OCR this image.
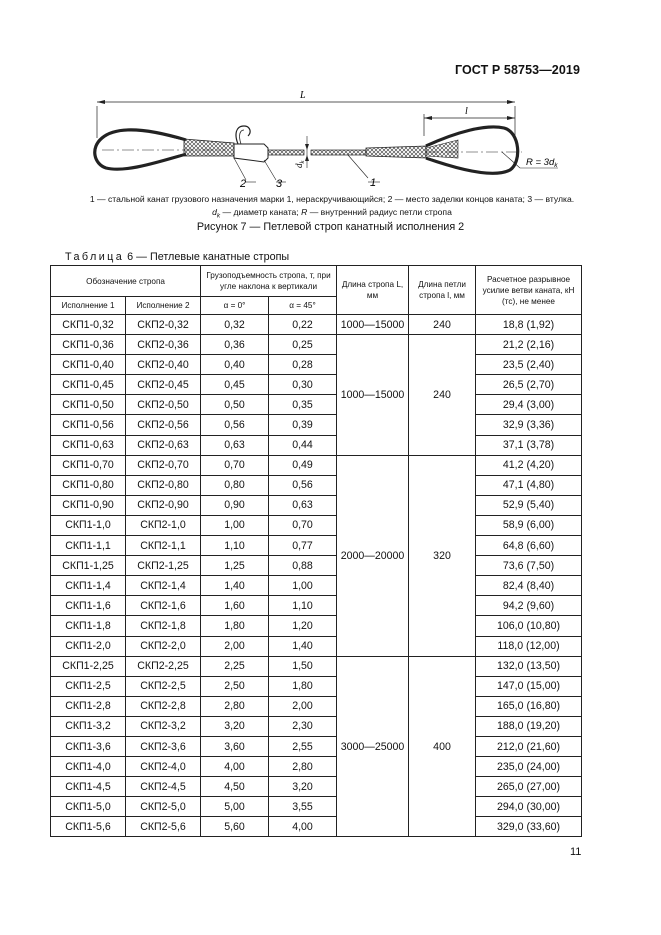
ГОСТ Р 58753—2019
L
l
$d_k$	$R = 3d_k$
2	3	1
1 — стальной канат грузового назначения марки 1, нераскручивающийся; 2 — место заделки концов каната; 3 — втулка.
$d_k$ — диаметр каната; R — внутренний радиус петли стропа
Рисунок 7 — Петлевой строп канатный исполнения 2
Таблица 6 — Петлевые канатные стропы
Обозначение стропа		Грузоподъемность стропа, т, при угле наклона к вертикали		Длина стропа L, мм	Длина петли стропа l, мм	Расчетное разрывное усилие ветви каната, кН (тс), не менее
Исполнение 1	Исполнение 2	α = 0°	α = 45°			
СКП1-0,32	СКП2-0,32	0,32	0,22	1000—15000	240	18,8 (1,92)
СКП1-0,36	СКП2-0,36	0,36	0,25	1000—15000	240	21,2 (2,16)
СКП1-0,40	СКП2-0,40	0,40	0,28			23,5 (2,40)
СКП1-0,45	СКП2-0,45	0,45	0,30			26,5 (2,70)
СКП1-0,50	СКП2-0,50	0,50	0,35			29,4 (3,00)
СКП1-0,56	СКП2-0,56	0,56	0,39			32,9 (3,36)
СКП1-0,63	СКП2-0,63	0,63	0,44			37,1 (3,78)
СКП1-0,70	СКП2-0,70	0,70	0,49	2000—20000	320	41,2 (4,20)
СКП1-0,80	СКП2-0,80	0,80	0,56			47,1 (4,80)
СКП1-0,90	СКП2-0,90	0,90	0,63			52,9 (5,40)
СКП1-1,0	СКП2-1,0	1,00	0,70			58,9 (6,00)
СКП1-1,1	СКП2-1,1	1,10	0,77			64,8 (6,60)
СКП1-1,25	СКП2-1,25	1,25	0,88			73,6 (7,50)
СКП1-1,4	СКП2-1,4	1,40	1,00			82,4 (8,40)
СКП1-1,6	СКП2-1,6	1,60	1,10			94,2 (9,60)
СКП1-1,8	СКП2-1,8	1,80	1,20			106,0 (10,80)
СКП1-2,0	СКП2-2,0	2,00	1,40			118,0 (12,00)
СКП1-2,25	СКП2-2,25	2,25	1,50	3000—25000	400	132,0 (13,50)
СКП1-2,5	СКП2-2,5	2,50	1,80			147,0 (15,00)
СКП1-2,8	СКП2-2,8	2,80	2,00			165,0 (16,80)
СКП1-3,2	СКП2-3,2	3,20	2,30			188,0 (19,20)
СКП1-3,6	СКП2-3,6	3,60	2,55			212,0 (21,60)
СКП1-4,0	СКП2-4,0	4,00	2,80			235,0 (24,00)
СКП1-4,5	СКП2-4,5	4,50	3,20			265,0 (27,00)
СКП1-5,0	СКП2-5,0	5,00	3,55			294,0 (30,00)
СКП1-5,6	СКП2-5,6	5,60	4,00			329,0 (33,60)
11
